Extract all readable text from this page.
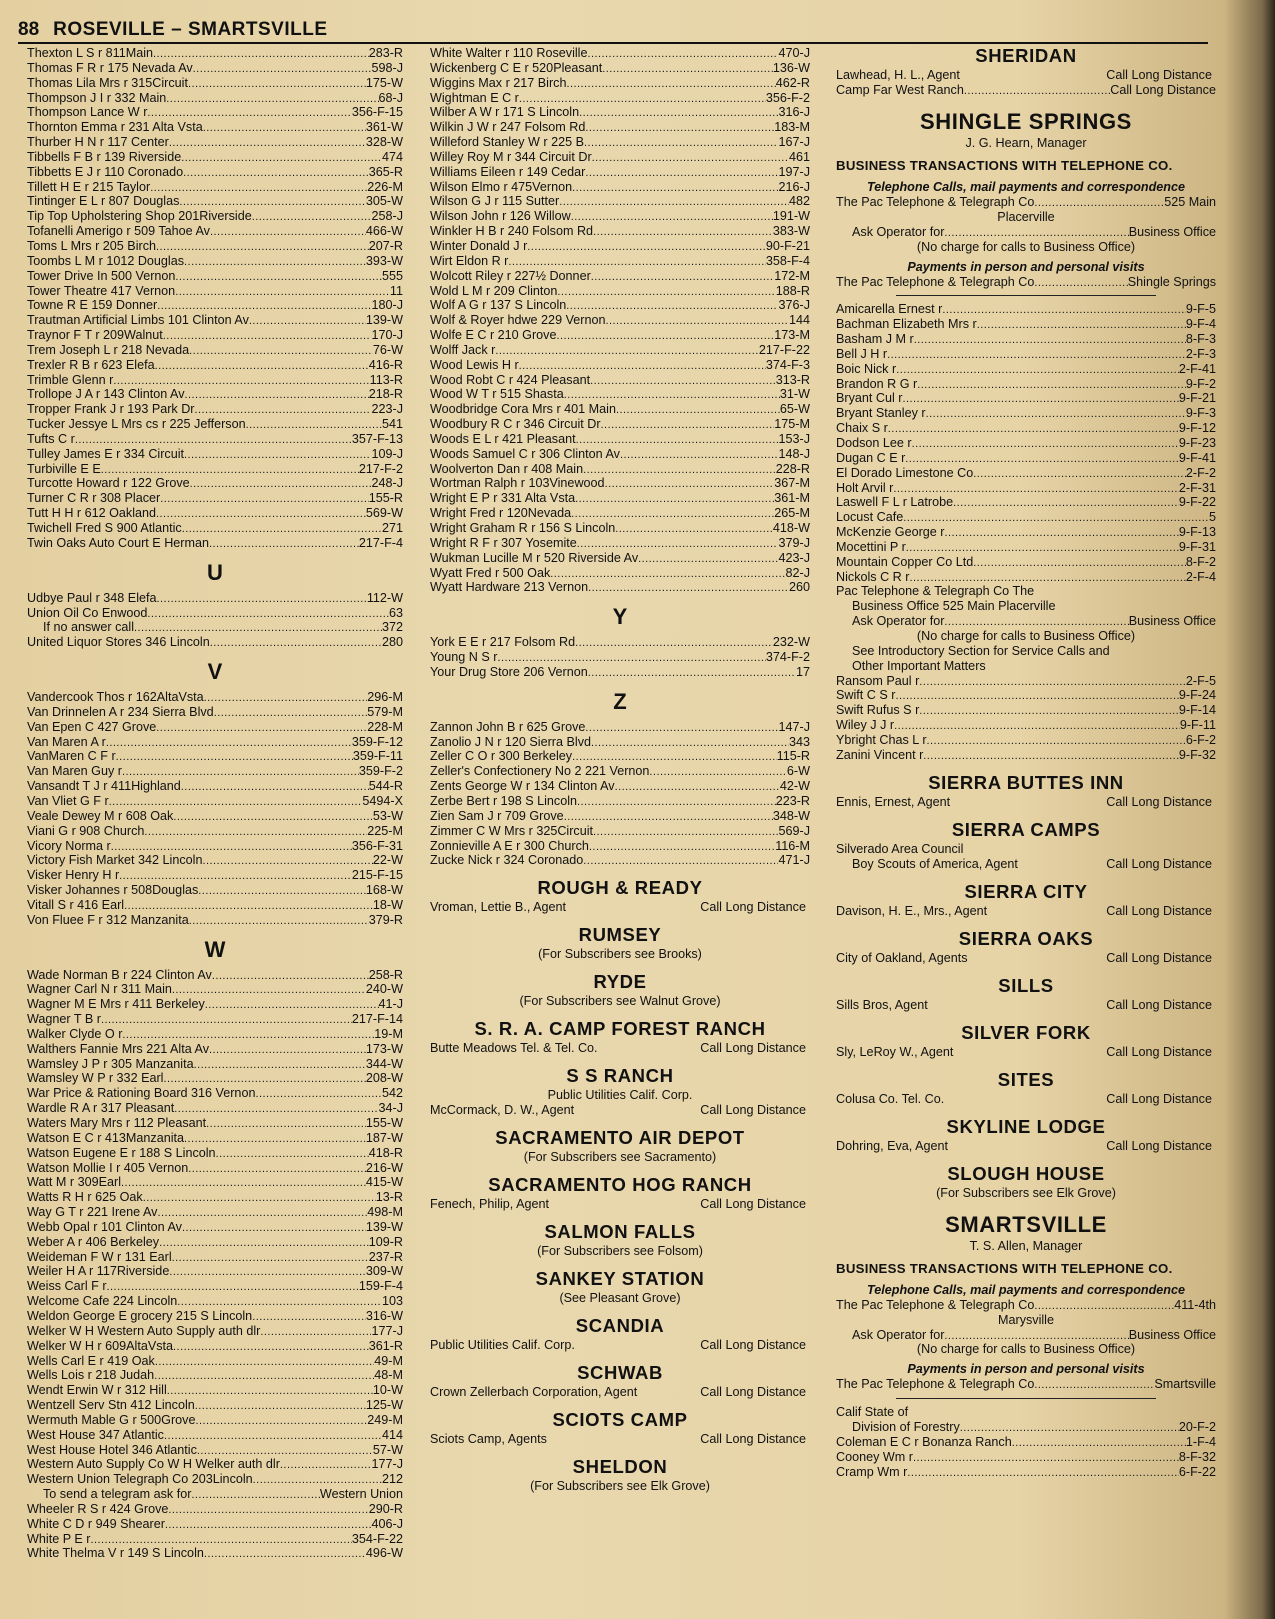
88 ROSEVILLE – SMARTSVILLE
Thexton L S r 811Main . . .	283-R
Thomas F R r 175 Nevada Av . . .	598-J
Thomas Lila Mrs r 315Circuit . . .	175-W
Thompson J I r 332 Main . . .	68-J
Thompson Lance W r . . .	356-F-15
Thornton Emma r 231 Alta Vsta . . .	361-W
Thurber H N r 117 Center . . .	328-W
Tibbells F B r 139 Riverside . . .	474
Tibbetts E J r 110 Coronado . . .	365-R
Tillett H E r 215 Taylor . . .	226-M
Tintinger E L r 807 Douglas . . .	305-W
Tip Top Upholstering Shop 201Riverside . . .	258-J
Tofanelli Amerigo r 509 Tahoe Av . . .	466-W
Toms L Mrs r 205 Birch . . .	207-R
Toombs L M r 1012 Douglas . . .	393-W
Tower Drive In 500 Vernon . . .	555
Tower Theatre 417 Vernon . . .	11
Towne R E 159 Donner . . .	180-J
Trautman Artificial Limbs 101 Clinton Av . . .	139-W
Traynor F T r 209Walnut . . .	170-J
Trem Joseph L r 218 Nevada . . .	76-W
Trexler R B r 623 Elefa . . .	416-R
Trimble Glenn r . . .	113-R
Trollope J A r 143 Clinton Av . . .	218-R
Tropper Frank J r 193 Park Dr . . .	223-J
Tucker Jessye L Mrs cs r 225 Jefferson . . .	541
Tufts C r . . .	357-F-13
Tulley James E r 334 Circuit . . .	109-J
Turbiville E E . . .	217-F-2
Turcotte Howard r 122 Grove . . .	248-J
Turner C R r 308 Placer . . .	155-R
Tutt H H r 612 Oakland . . .	569-W
Twichell Fred S 900 Atlantic . . .	271
Twin Oaks Auto Court E Herman . . .	217-F-4
U
Udbye Paul r 348 Elefa . . .	112-W
Union Oil Co Enwood . . .	63
If no answer call . . .	372
United Liquor Stores 346 Lincoln . . .	280
V
Vandercook Thos r 162AltaVsta . . .	296-M
Van Drinnelen A r 234 Sierra Blvd . . .	579-M
Van Epen C 427 Grove . . .	228-M
Van Maren A r . . .	359-F-12
VanMaren C F r . . .	359-F-11
Van Maren Guy r . . .	359-F-2
Vansandt T J r 411Highland . . .	544-R
Van Vliet G F r . . .	5494-X
Veale Dewey M r 608 Oak . . .	53-W
Viani G r 908 Church . . .	225-M
Vicory Norma r . . .	356-F-31
Victory Fish Market 342 Lincoln . . .	22-W
Visker Henry H r . . .	215-F-15
Visker Johannes r 508Douglas . . .	168-W
Vitall S r 416 Earl . . .	18-W
Von Fluee F r 312 Manzanita . . .	379-R
W
Wade Norman B r 224 Clinton Av . . .	258-R
Wagner Carl N r 311 Main . . .	240-W
Wagner M E Mrs r 411 Berkeley . . .	41-J
Wagner T B r . . .	217-F-14
Walker Clyde O r . . .	19-M
Walthers Fannie Mrs 221 Alta Av . . .	173-W
Wamsley J P r 305 Manzanita . . .	344-W
Wamsley W P r 332 Earl . . .	208-W
War Price & Rationing Board 316 Vernon . . .	542
Wardle R A r 317 Pleasant . . .	34-J
Waters Mary Mrs r 112 Pleasant . . .	155-W
Watson E C r 413Manzanita . . .	187-W
Watson Eugene E r 188 S Lincoln . . .	418-R
Watson Mollie I r 405 Vernon . . .	216-W
Watt M r 309Earl . . .	415-W
Watts R H r 625 Oak . . .	13-R
Way G T r 221 Irene Av . . .	498-M
Webb Opal r 101 Clinton Av . . .	139-W
Weber A r 406 Berkeley . . .	109-R
Weideman F W r 131 Earl . . .	237-R
Weiler H A r 117Riverside . . .	309-W
Weiss Carl F r . . .	159-F-4
Welcome Cafe 224 Lincoln . . .	103
Weldon George E grocery 215 S Lincoln . . .	316-W
Welker W H Western Auto Supply auth dlr . . .	177-J
Welker W H r 609AltaVsta . . .	361-R
Wells Carl E r 419 Oak . . .	49-M
Wells Lois r 218 Judah . . .	48-M
Wendt Erwin W r 312 Hill . . .	10-W
Wentzell Serv Stn 412 Lincoln . . .	125-W
Wermuth Mable G r 500Grove . . .	249-M
West House 347 Atlantic . . .	414
West House Hotel 346 Atlantic . . .	57-W
Western Auto Supply Co W H Welker auth dlr . . .	177-J
Western Union Telegraph Co 203Lincoln . . .	212
To send a telegram ask for . . .	Western Union
Wheeler R S r 424 Grove . . .	290-R
White C D r 949 Shearer . . .	406-J
White P E r . . .	354-F-22
White Thelma V r 149 S Lincoln . . .	496-W
White Walter r 110 Roseville . . .	470-J
Wickenberg C E r 520Pleasant . . .	136-W
Wiggins Max r 217 Birch . . .	462-R
Wightman E C r . . .	356-F-2
Wilber A W r 171 S Lincoln . . .	316-J
Wilkin J W r 247 Folsom Rd . . .	183-M
Willeford Stanley W r 225 B . . .	167-J
Willey Roy M r 344 Circuit Dr . . .	461
Williams Eileen r 149 Cedar . . .	197-J
Wilson Elmo r 475Vernon . . .	216-J
Wilson G J r 115 Sutter . . .	482
Wilson John r 126 Willow . . .	191-W
Winkler H B r 240 Folsom Rd . . .	383-W
Winter Donald J r . . .	90-F-21
Wirt Eldon R r . . .	358-F-4
Wolcott Riley r 227½ Donner . . .	172-M
Wold L M r 209 Clinton . . .	188-R
Wolf A G r 137 S Lincoln . . .	376-J
Wolf & Royer hdwe 229 Vernon . . .	144
Wolfe E C r 210 Grove . . .	173-M
Wolff Jack r . . .	217-F-22
Wood Lewis H r . . .	374-F-3
Wood Robt C r 424 Pleasant . . .	313-R
Wood W T r 515 Shasta . . .	31-W
Woodbridge Cora Mrs r 401 Main . . .	65-W
Woodbury R C r 346 Circuit Dr . . .	175-M
Woods E L r 421 Pleasant . . .	153-J
Woods Samuel C r 306 Clinton Av . . .	148-J
Woolverton Dan r 408 Main . . .	228-R
Wortman Ralph r 103Vinewood . . .	367-M
Wright E P r 331 Alta Vsta . . .	361-M
Wright Fred r 120Nevada . . .	265-M
Wright Graham R r 156 S Lincoln . . .	418-W
Wright R F r 307 Yosemite . . .	379-J
Wukman Lucille M r 520 Riverside Av . . .	423-J
Wyatt Fred r 500 Oak . . .	82-J
Wyatt Hardware 213 Vernon . . .	260
Y
York E E r 217 Folsom Rd . . .	232-W
Young N S r . . .	374-F-2
Your Drug Store 206 Vernon . . .	17
Z
Zannon John B r 625 Grove . . .	147-J
Zanolio J N r 120 Sierra Blvd . . .	343
Zeller C O r 300 Berkeley . . .	115-R
Zeller's Confectionery No 2 221 Vernon . . .	6-W
Zents George W r 134 Clinton Av . . .	42-W
Zerbe Bert r 198 S Lincoln . . .	223-R
Zien Sam J r 709 Grove . . .	348-W
Zimmer C W Mrs r 325Circuit . . .	569-J
Zonnieville A E r 300 Church . . .	116-M
Zucke Nick r 324 Coronado . . .	471-J
ROUGH & READY
Vroman, Lettie B., Agent	Call Long Distance
RUMSEY
(For Subscribers see Brooks)
RYDE
(For Subscribers see Walnut Grove)
S. R. A. CAMP FOREST RANCH
Butte Meadows Tel. & Tel. Co.	Call Long Distance
S S RANCH
Public Utilities Calif. Corp.
McCormack, D. W., Agent	Call Long Distance
SACRAMENTO AIR DEPOT
(For Subscribers see Sacramento)
SACRAMENTO HOG RANCH
Fenech, Philip, Agent	Call Long Distance
SALMON FALLS
(For Subscribers see Folsom)
SANKEY STATION
(See Pleasant Grove)
SCANDIA
Public Utilities Calif. Corp.	Call Long Distance
SCHWAB
Crown Zellerbach Corporation, Agent	Call Long Distance
SCIOTS CAMP
Sciots Camp, Agents	Call Long Distance
SHELDON
(For Subscribers see Elk Grove)
SHERIDAN
Lawhead, H. L., Agent	Call Long Distance
Camp Far West Ranch . . .	Call Long Distance
SHINGLE SPRINGS
J. G. Hearn, Manager
BUSINESS TRANSACTIONS WITH TELEPHONE CO.
Telephone Calls, mail payments and correspondence
The Pac Telephone & Telegraph Co . . .	525 Main
Placerville
Ask Operator for . . .	Business Office
(No charge for calls to Business Office)
Payments in person and personal visits
The Pac Telephone & Telegraph Co . . .	Shingle Springs
Amicarella Ernest r . . .	9-F-5
Bachman Elizabeth Mrs r . . .	9-F-4
Basham J M r . . .	8-F-3
Bell J H r . . .	2-F-3
Boic Nick r . . .	2-F-41
Brandon R G r . . .	9-F-2
Bryant Cul r . . .	9-F-21
Bryant Stanley r . . .	9-F-3
Chaix S r . . .	9-F-12
Dodson Lee r . . .	9-F-23
Dugan C E r . . .	9-F-41
El Dorado Limestone Co . . .	2-F-2
Holt Arvil r . . .	2-F-31
Laswell F L r Latrobe . . .	9-F-22
Locust Cafe . . .	5
McKenzie George r . . .	9-F-13
Mocettini P r . . .	9-F-31
Mountain Copper Co Ltd . . .	8-F-2
Nickols C R r . . .	2-F-4
Pac Telephone & Telegraph Co The
Business Office 525 Main Placerville
Ask Operator for . . .	Business Office
(No charge for calls to Business Office)
See Introductory Section for Service Calls and
Other Important Matters
Ransom Paul r . . .	2-F-5
Swift C S r . . .	9-F-24
Swift Rufus S r . . .	9-F-14
Wiley J J r . . .	9-F-11
Ybright Chas L r . . .	6-F-2
Zanini Vincent r . . .	9-F-32
SIERRA BUTTES INN
Ennis, Ernest, Agent	Call Long Distance
SIERRA CAMPS
Silverado Area Council
Boy Scouts of America, Agent	Call Long Distance
SIERRA CITY
Davison, H. E., Mrs., Agent	Call Long Distance
SIERRA OAKS
City of Oakland, Agents	Call Long Distance
SILLS
Sills Bros, Agent	Call Long Distance
SILVER FORK
Sly, LeRoy W., Agent	Call Long Distance
SITES
Colusa Co. Tel. Co.	Call Long Distance
SKYLINE LODGE
Dohring, Eva, Agent	Call Long Distance
SLOUGH HOUSE
(For Subscribers see Elk Grove)
SMARTSVILLE
T. S. Allen, Manager
BUSINESS TRANSACTIONS WITH TELEPHONE CO.
Telephone Calls, mail payments and correspondence
The Pac Telephone & Telegraph Co . . .	411-4th
Marysville
Ask Operator for . . .	Business Office
(No charge for calls to Business Office)
Payments in person and personal visits
The Pac Telephone & Telegraph Co . . .	Smartsville
Calif State of
Division of Forestry . . .	20-F-2
Coleman E C r Bonanza Ranch . . .	1-F-4
Cooney Wm r . . .	8-F-32
Cramp Wm r . . .	6-F-22
